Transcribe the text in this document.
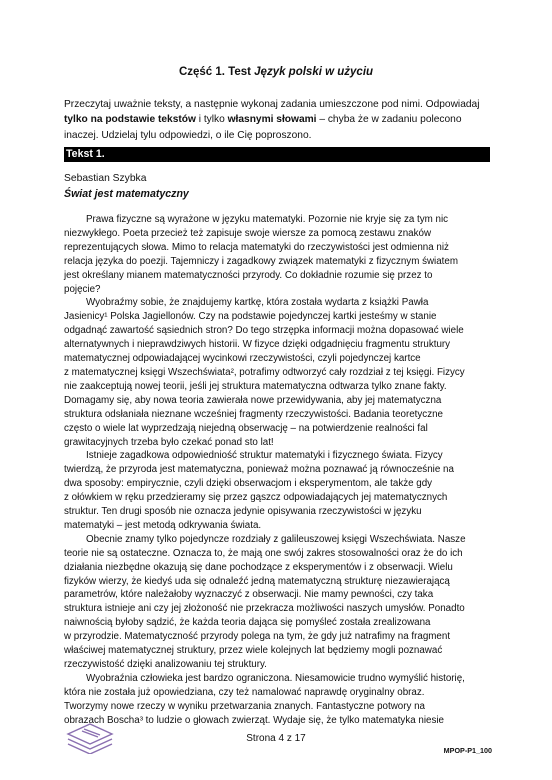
Część 1. Test Język polski w użyciu
Przeczytaj uważnie teksty, a następnie wykonaj zadania umieszczone pod nimi. Odpowiadaj tylko na podstawie tekstów i tylko własnymi słowami – chyba że w zadaniu polecono inaczej. Udzielaj tylu odpowiedzi, o ile Cię poproszono.
Tekst 1.
Sebastian Szybka
Świat jest matematyczny

Prawa fizyczne są wyrażone w języku matematyki. Pozornie nie kryje się za tym nic
niezwykłego. Poeta przecież też zapisuje swoje wiersze za pomocą zestawu znaków
reprezentujących słowa. Mimo to relacja matematyki do rzeczywistości jest odmienna niż
relacja języka do poezji. Tajemniczy i zagadkowy związek matematyki z fizycznym światem
jest określany mianem matematyczności przyrody. Co dokładnie rozumie się przez to
pojęcie?

Wyobraźmy sobie, że znajdujemy kartkę, która została wydarta z książki Pawła
Jasienicy¹ Polska Jagiellonów. Czy na podstawie pojedynczej kartki jesteśmy w stanie
odgadnąć zawartość sąsiednich stron? Do tego strzępka informacji można dopasować wiele
alternatywnych i nieprawdziwych historii. W fizyce dzięki odgadnięciu fragmentu struktury
matematycznej odpowiadającej wycinkowi rzeczywistości, czyli pojedynczej kartce
z matematycznej księgi Wszechświata², potrafimy odtworzyć cały rozdział z tej księgi. Fizycy
nie zaakceptują nowej teorii, jeśli jej struktura matematyczna odtwarza tylko znane fakty.
Domagamy się, aby nowa teoria zawierała nowe przewidywania, aby jej matematyczna
struktura odsłaniała nieznane wcześniej fragmenty rzeczywistości. Badania teoretyczne
często o wiele lat wyprzedzają niejedną obserwację – na potwierdzenie realności fal
grawitacyjnych trzeba było czekać ponad sto lat!

Istnieje zagadkowa odpowiedniość struktur matematyki i fizycznego świata. Fizycy
twierdzą, że przyroda jest matematyczna, ponieważ można poznawać ją równocześnie na
dwa sposoby: empirycznie, czyli dzięki obserwacjom i eksperymentom, ale także gdy
z ołówkiem w ręku przedzieramy się przez gąszcz odpowiadających jej matematycznych
struktur. Ten drugi sposób nie oznacza jedynie opisywania rzeczywistości w języku
matematyki – jest metodą odkrywania świata.

Obecnie znamy tylko pojedyncze rozdziały z galileuszowej księgi Wszechświata. Nasze
teorie nie są ostateczne. Oznacza to, że mają one swój zakres stosowalności oraz że do ich
działania niezbędne okazują się dane pochodzące z eksperymentów i z obserwacji. Wielu
fizyków wierzy, że kiedyś uda się odnaleźć jedną matematyczną strukturę niezawierającą
parametrów, które należałoby wyznaczyć z obserwacji. Nie mamy pewności, czy taka
struktura istnieje ani czy jej złożoność nie przekracza możliwości naszych umysłów. Ponadto
naiwnością byłoby sądzić, że każda teoria dająca się pomyśleć została zrealizowana
w przyrodzie. Matematyczność przyrody polega na tym, że gdy już natrafimy na fragment
właściwej matematycznej struktury, przez wiele kolejnych lat będziemy mogli poznawać
rzeczywistość dzięki analizowaniu tej struktury.

Wyobraźnia człowieka jest bardzo ograniczona. Niesamowicie trudno wymyślić historię,
która nie została już opowiedziana, czy też namalować naprawdę oryginalny obraz.
Tworzymy nowe rzeczy w wyniku przetwarzania znanych. Fantastyczne potwory na
obrazach Boscha³ to ludzie o głowach zwierząt. Wydaje się, że tylko matematyka niesie

Strona 4 z 17
MPOP-P1_100
